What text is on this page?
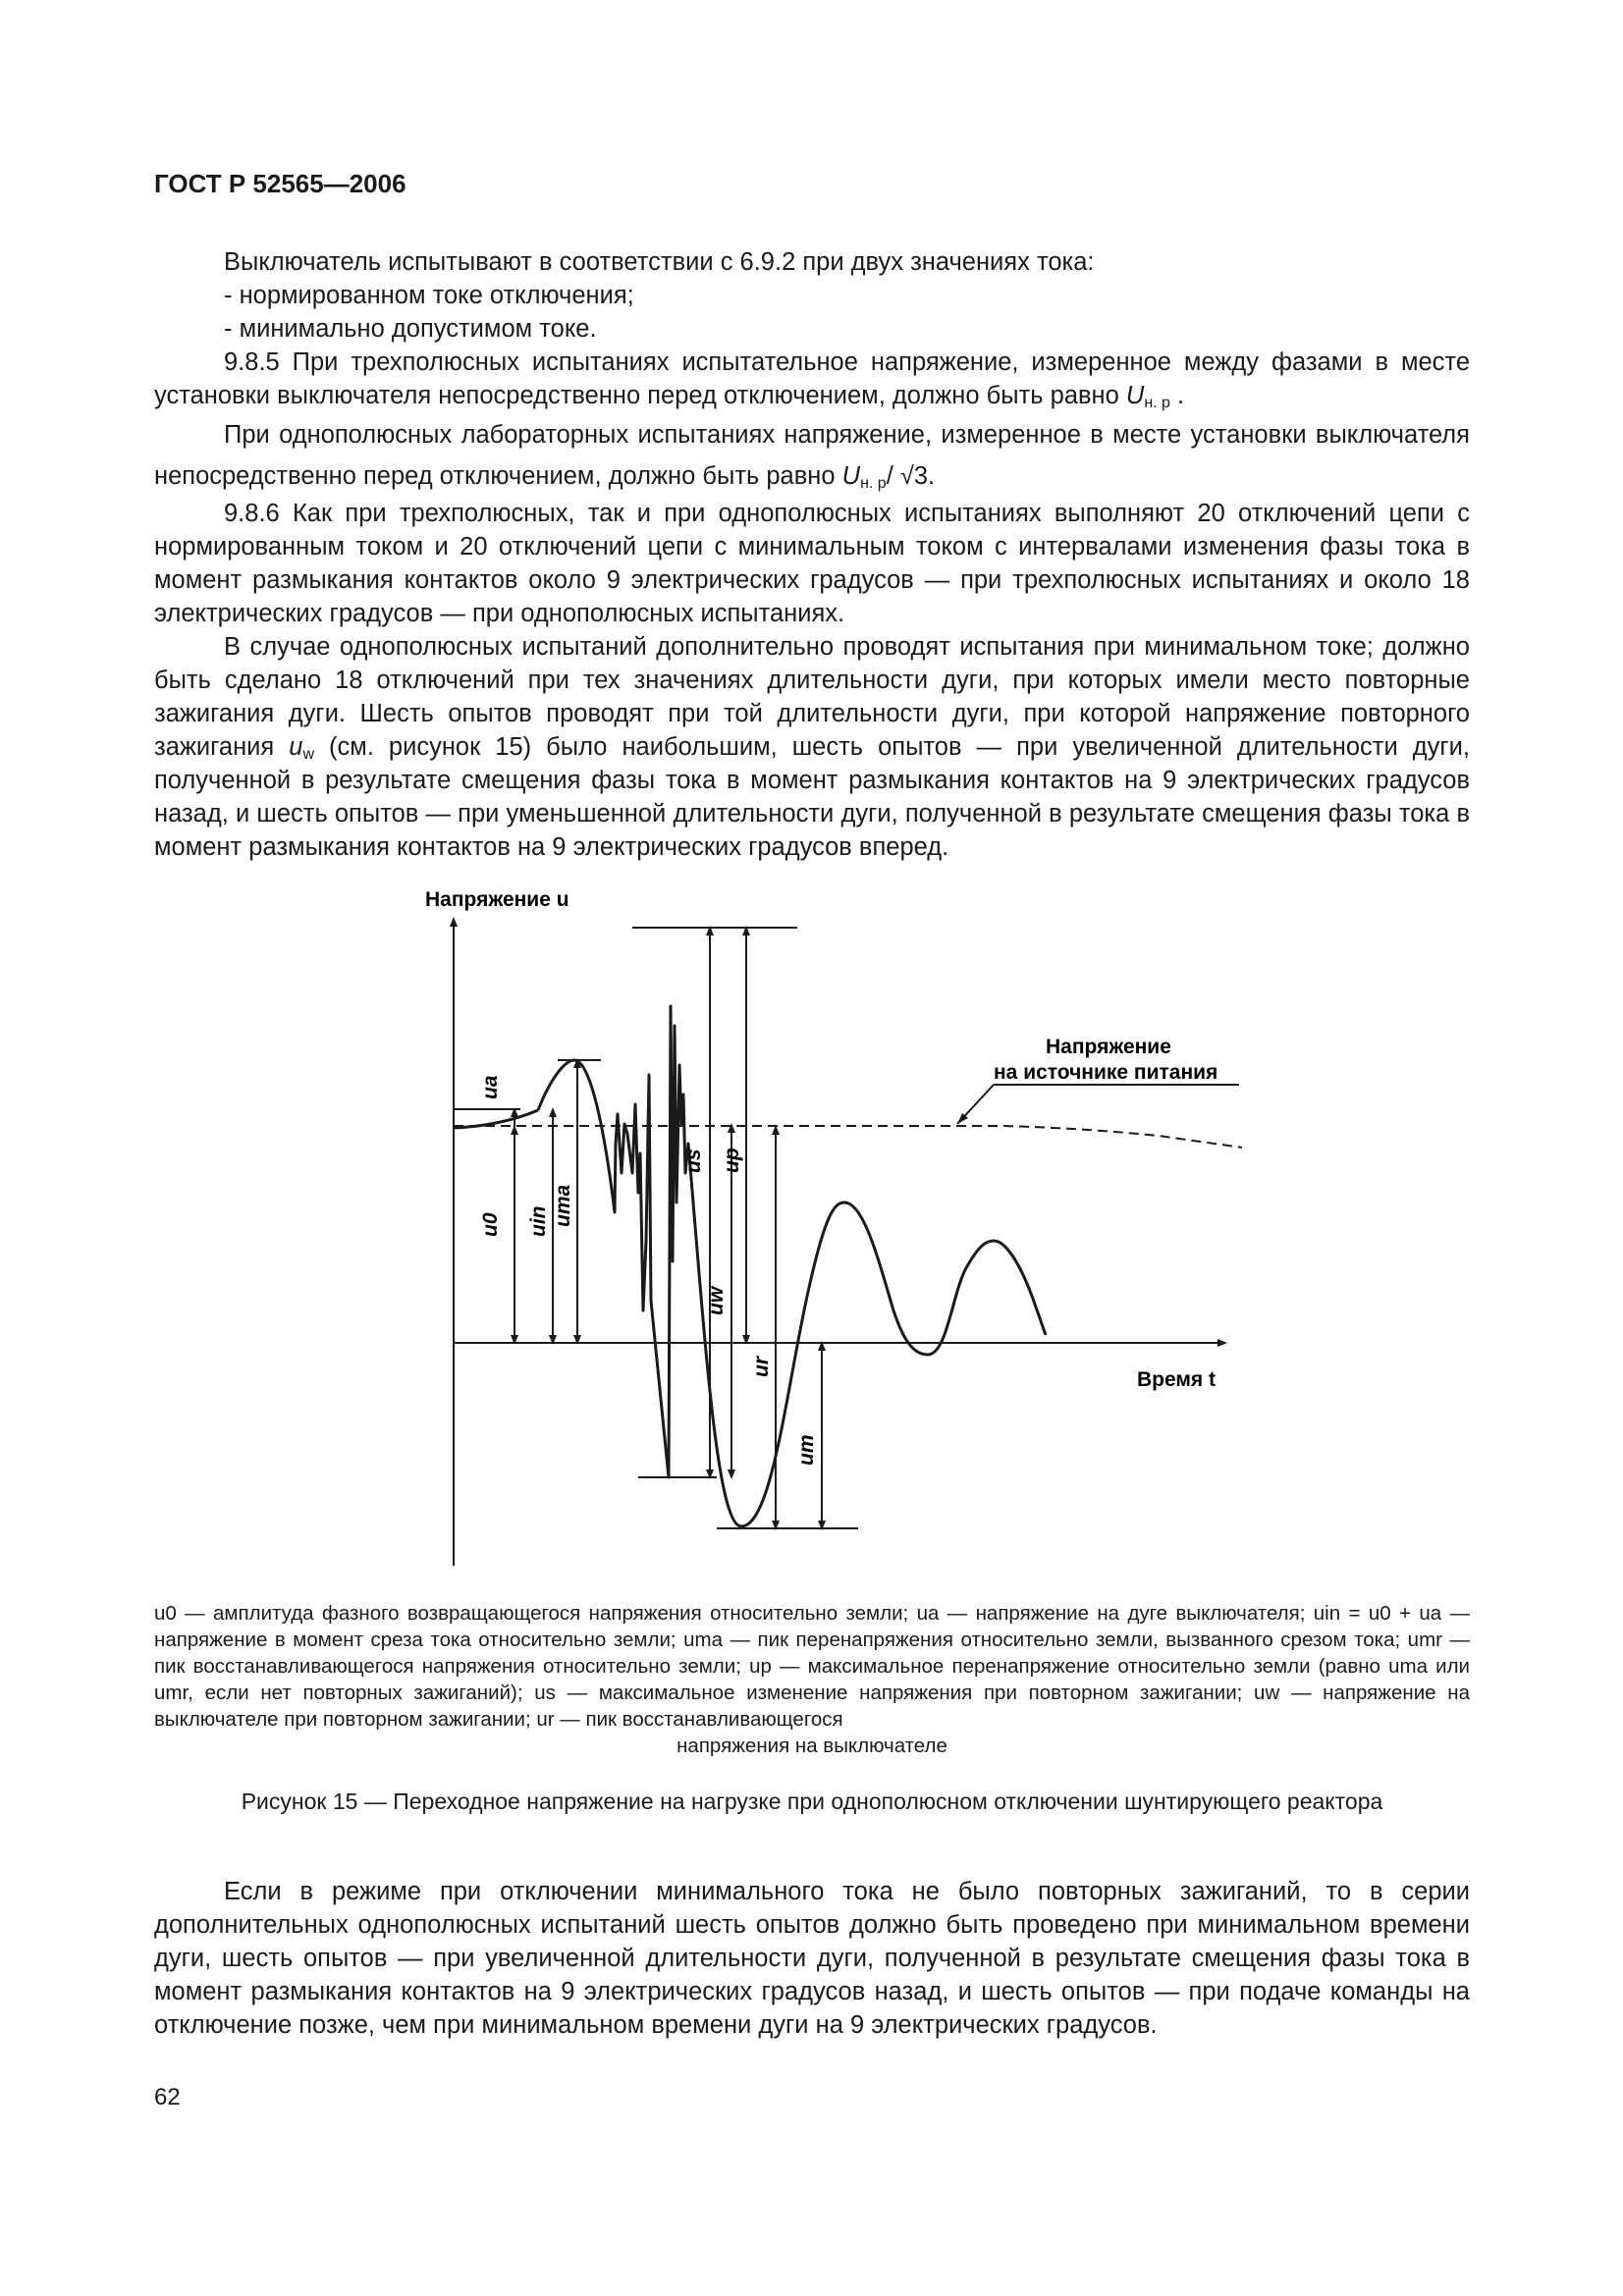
ГОСТ Р 52565—2006

Выключатель испытывают в соответствии с 6.9.2 при двух значениях тока:

- нормированном токе отключения;

- минимально допустимом токе.

9.8.5 При трехполюсных испытаниях испытательное напряжение, измеренное между фазами в месте установки выключателя непосредственно перед отключением, должно быть равно $U_{н. р}$ .

При однополюсных лабораторных испытаниях напряжение, измеренное в месте установки выключателя непосредственно перед отключением, должно быть равно $U_{н. р}/$ √3.

9.8.6 Как при трехполюсных, так и при однополюсных испытаниях выполняют 20 отключений цепи с нормированным током и 20 отключений цепи с минимальным током с интервалами изменения фазы тока в момент размыкания контактов около 9 электрических градусов — при трехполюсных испытаниях и около 18 электрических градусов — при однополюсных испытаниях.

В случае однополюсных испытаний дополнительно проводят испытания при минимальном токе; должно быть сделано 18 отключений при тех значениях длительности дуги, при которых имели место повторные зажигания дуги. Шесть опытов проводят при той длительности дуги, при которой напряжение повторного зажигания $u_w$ (см. рисунок 15) было наибольшим, шесть опытов — при увеличенной длительности дуги, полученной в результате смещения фазы тока в момент размыкания контактов на 9 электрических градусов назад, и шесть опытов — при уменьшенной длительности дуги, полученной в результате смещения фазы тока в момент размыкания контактов на 9 электрических градусов вперед.

Напряжение u
Время t
Напряжение
на источнике питания
u0
ua
uin uma
us up
uw
ur
um

u0 — амплитуда фазного возвращающегося напряжения относительно земли; ua — напряжение на дуге выключателя; uin = u0 + ua — напряжение в момент среза тока относительно земли; uma — пик перенапряжения относительно земли, вызванного срезом тока; umr — пик восстанавливающегося напряжения относительно земли; up — максимальное перенапряжение относительно земли (равно uma или umr, если нет повторных зажиганий); us — максимальное изменение напряжения при повторном зажигании; uw — напряжение на выключателе при повторном зажигании; ur — пик восстанавливающегося

напряжения на выключателе

Рисунок 15 — Переходное напряжение на нагрузке при однополюсном отключении шунтирующего реактора

Если в режиме при отключении минимального тока не было повторных зажиганий, то в серии дополнительных однополюсных испытаний шесть опытов должно быть проведено при минимальном времени дуги, шесть опытов — при увеличенной длительности дуги, полученной в результате смещения фазы тока в момент размыкания контактов на 9 электрических градусов назад, и шесть опытов — при подаче команды на отключение позже, чем при минимальном времени дуги на 9 электрических градусов.

62
